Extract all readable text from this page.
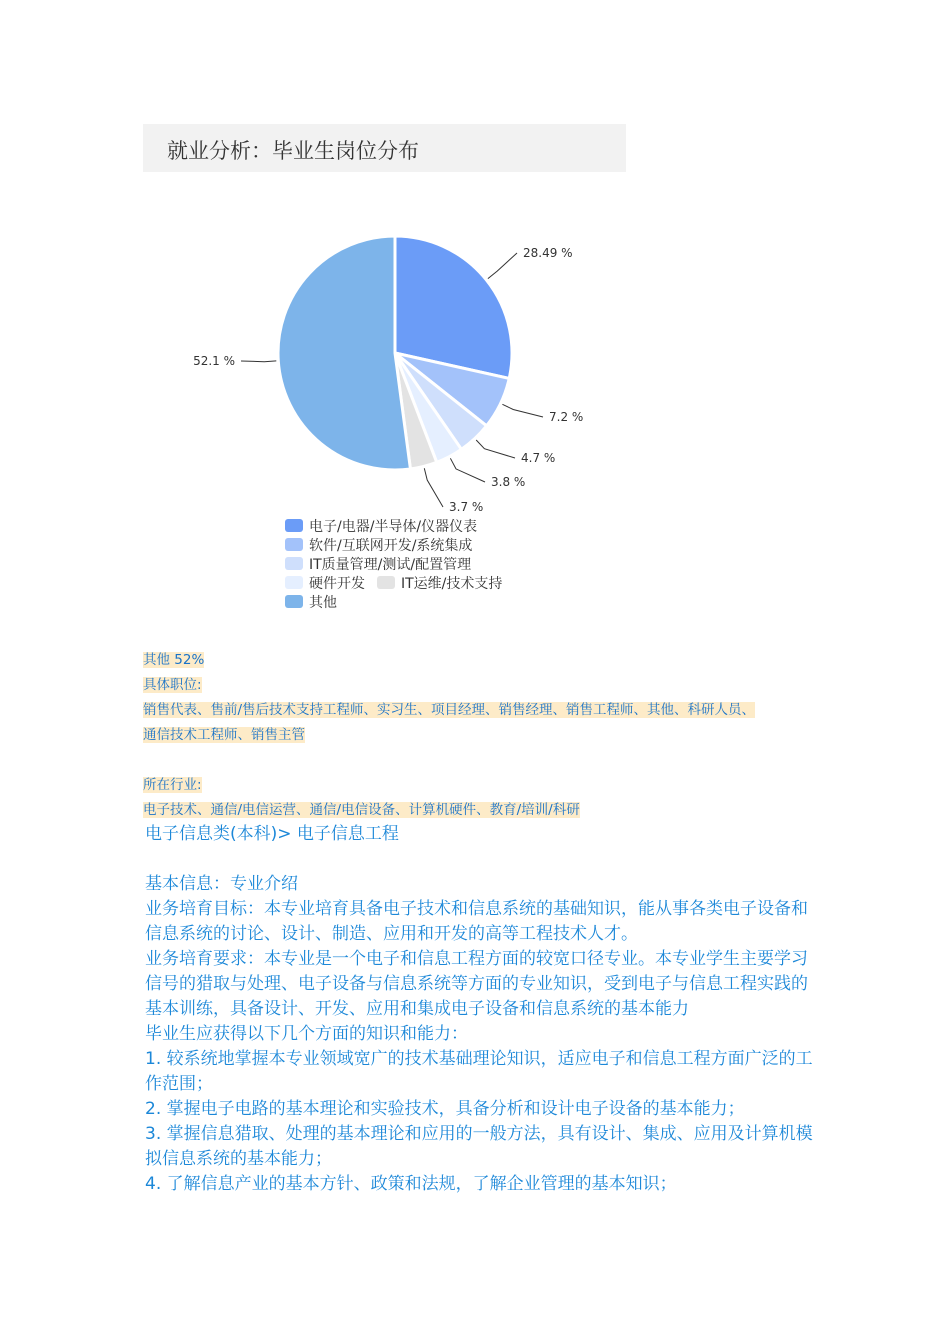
就业分析：毕业生岗位分布
28.49 %
7.2 %
4.7 %
3.8 %
3.7 %
52.1 %
电子/电器/半导体/仪器仪表
软件/互联网开发/系统集成
IT质量管理/测试/配置管理
硬件开发	IT运维/技术支持
其他
其他 52%
具体职位:
销售代表、售前/售后技术支持工程师、实习生、项目经理、销售经理、销售工程师、其他、科研人员、
通信技术工程师、销售主管
所在行业:
电子技术、通信/电信运营、通信/电信设备、计算机硬件、教育/培训/科研

电子信息类(本科)> 电子信息工程

基本信息：专业介绍

业务培育目标：本专业培育具备电子技术和信息系统的基础知识，能从事各类电子设备和信息系统的讨论、设计、制造、应用和开发的高等工程技术人才。

业务培育要求：本专业是一个电子和信息工程方面的较宽口径专业。本专业学生主要学习 信号的猎取与处理、电子设备与信息系统等方面的专业知识，受到电子与信息工程实践的基本训练，具备设计、开发、应用和集成电子设备和信息系统的基本能力

毕业生应获得以下几个方面的知识和能力：

1. 较系统地掌握本专业领域宽广的技术基础理论知识，适应电子和信息工程方面广泛的工作范围；

2. 掌握电子电路的基本理论和实验技术，具备分析和设计电子设备的基本能力；

3. 掌握信息猎取、处理的基本理论和应用的一般方法，具有设计、集成、应用及计算机模拟信息系统的基本能力；

4. 了解信息产业的基本方针、政策和法规，了解企业管理的基本知识；
